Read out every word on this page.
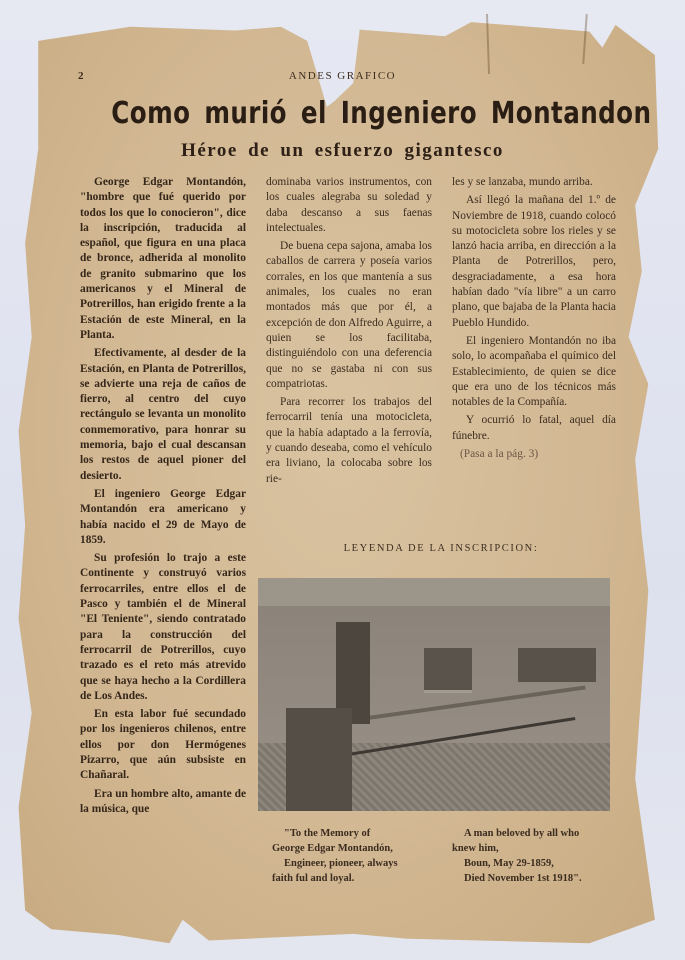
2	ANDES GRAFICO
Como murió el Ingeniero Montandon
Héroe de un esfuerzo gigantesco

George Edgar Montandón, "hombre que fué querido por todos los que lo conocieron", dice la inscripción, traducida al español, que figura en una placa de bronce, adherida al monolito de granito submarino que los americanos y el Mineral de Potrerillos, han erigido frente a la Estación de este Mineral, en la Planta.

Efectivamente, al desder de la Estación, en Planta de Potrerillos, se advierte una reja de caños de fierro, al centro del cuyo rectángulo se levanta un monolito conmemorativo, para honrar su memoria, bajo el cual descansan los restos de aquel pioner del desierto.

El ingeniero George Edgar Montandón era americano y había nacido el 29 de Mayo de 1859.

Su profesión lo trajo a este Continente y construyó varios ferrocarriles, entre ellos el de Pasco y también el de Mineral "El Teniente", siendo contratado para la construcción del ferrocarril de Potrerillos, cuyo trazado es el reto más atrevido que se haya hecho a la Cordillera de Los Andes.

En esta labor fué secundado por los ingenieros chilenos, entre ellos por don Hermógenes Pizarro, que aún subsiste en Chañaral.

Era un hombre alto, amante de la música, que

dominaba varios instrumentos, con los cuales alegraba su soledad y daba descanso a sus faenas intelectuales.

De buena cepa sajona, amaba los caballos de carrera y poseía varios corrales, en los que mantenía a sus animales, los cuales no eran montados más que por él, a excepción de don Alfredo Aguirre, a quien se los facilitaba, distinguiéndolo con una deferencia que no se gastaba ni con sus compatriotas.

Para recorrer los trabajos del ferrocarril tenía una motocicleta, que la había adaptado a la ferrovía, y cuando deseaba, como el vehículo era liviano, la colocaba sobre los rie-

les y se lanzaba, mundo arriba.

Así llegó la mañana del 1.º de Noviembre de 1918, cuando colocó su motocicleta sobre los rieles y se lanzó hacia arriba, en dirección a la Planta de Potrerillos, pero, desgraciadamente, a esa hora habían dado "vía libre" a un carro plano, que bajaba de la Planta hacia Pueblo Hundido.

El ingeniero Montandón no iba solo, lo acompañaba el químico del Establecimiento, de quien se dice que era uno de los técnicos más notables de la Compañía.

Y ocurrió lo fatal, aquel día fúnebre.

(Pasa a la pág. 3)

LEYENDA DE LA INSCRIPCION:
"To the Memory of
George Edgar Montandón,
Engineer, pioneer, always
faith ful and loyal.
A man beloved by all who
knew him,
Boun, May 29-1859,
Died November 1st 1918".
